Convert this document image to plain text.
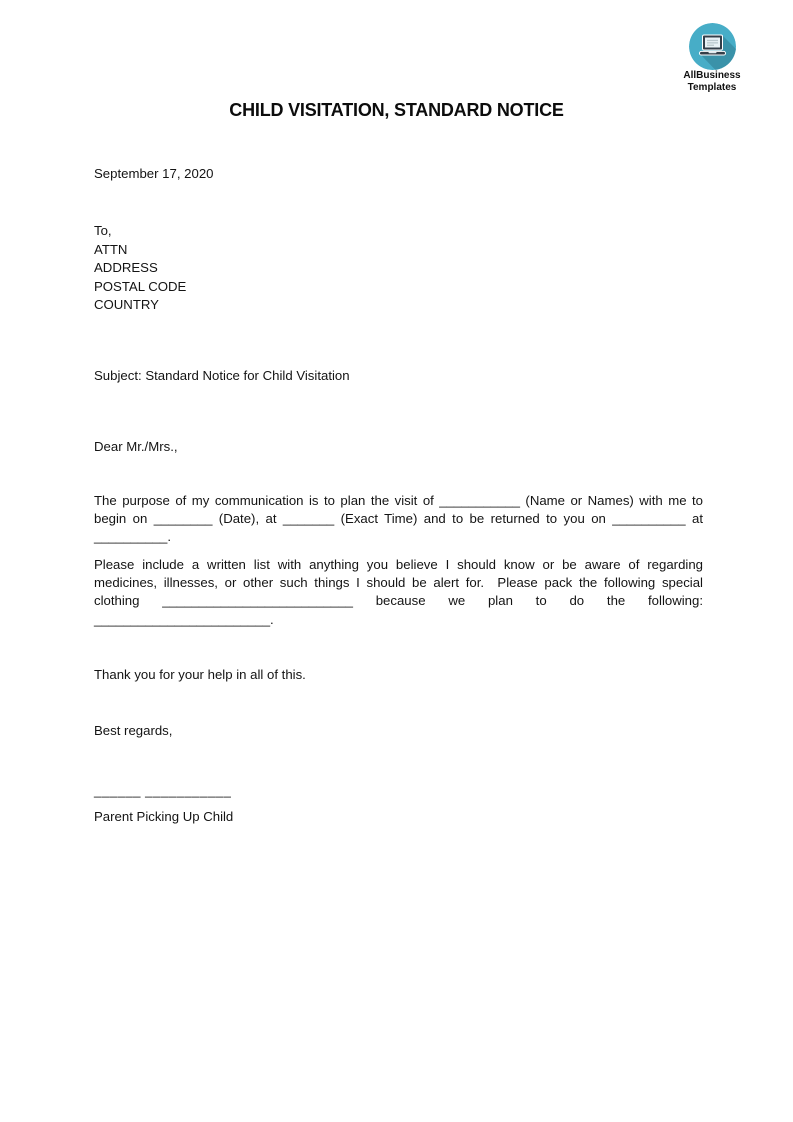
AllBusiness
Templates
CHILD VISITATION, STANDARD NOTICE
September 17, 2020
To,
ATTN
ADDRESS
POSTAL CODE
COUNTRY
Subject: Standard Notice for Child Visitation
Dear Mr./Mrs.,
The purpose of my communication is to plan the visit of ___________ (Name or Names) with me to
begin on ________ (Date), at _______ (Exact Time) and to be returned to you on __________ at
__________.
Please include a written list with anything you believe I should know or be aware of regarding
medicines, illnesses, or other such things I should be alert for.  Please pack the following special
clothing __________________________ because we plan to do the following:
________________________.
Thank you for your help in all of this.
Best regards,
______ ___________
Parent Picking Up Child
